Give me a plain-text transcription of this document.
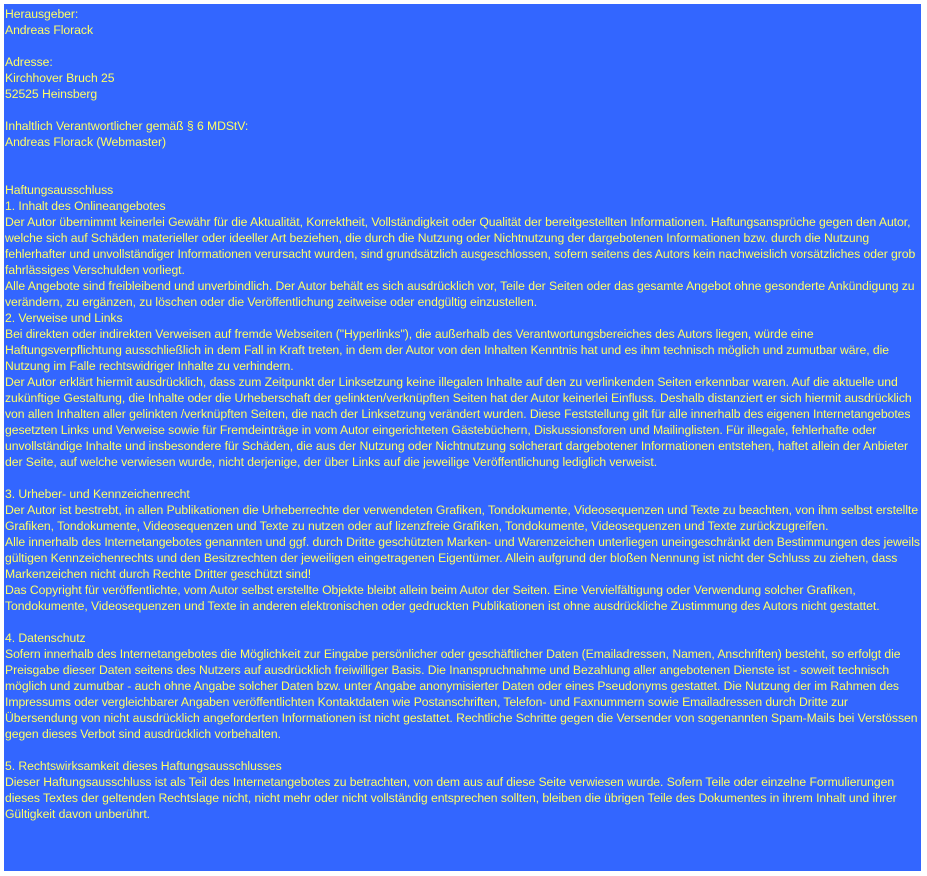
Herausgeber:
Andreas Florack
Adresse:
Kirchhover Bruch 25
52525 Heinsberg
Inhaltlich Verantwortlicher gemäß § 6 MDStV:
Andreas Florack (Webmaster)
Haftungsausschluss
1. Inhalt des Onlineangebotes

Der Autor übernimmt keinerlei Gewähr für die Aktualität, Korrektheit, Vollständigkeit oder Qualität der bereitgestellten Informationen. Haftungsansprüche gegen den Autor, welche sich auf Schäden materieller oder ideeller Art beziehen, die durch die Nutzung oder Nichtnutzung der dargebotenen Informationen bzw. durch die Nutzung fehlerhafter und unvollständiger Informationen verursacht wurden, sind grundsätzlich ausgeschlossen, sofern seitens des Autors kein nachweislich vorsätzliches oder grob fahrlässiges Verschulden vorliegt.

Alle Angebote sind freibleibend und unverbindlich. Der Autor behält es sich ausdrücklich vor, Teile der Seiten oder das gesamte Angebot ohne gesonderte Ankündigung zu verändern, zu ergänzen, zu löschen oder die Veröffentlichung zeitweise oder endgültig einzustellen.

2. Verweise und Links

Bei direkten oder indirekten Verweisen auf fremde Webseiten ("Hyperlinks"), die außerhalb des Verantwortungsbereiches des Autors liegen, würde eine Haftungsverpflichtung ausschließlich in dem Fall in Kraft treten, in dem der Autor von den Inhalten Kenntnis hat und es ihm technisch möglich und zumutbar wäre, die Nutzung im Falle rechtswidriger Inhalte zu verhindern.

Der Autor erklärt hiermit ausdrücklich, dass zum Zeitpunkt der Linksetzung keine illegalen Inhalte auf den zu verlinkenden Seiten erkennbar waren. Auf die aktuelle und zukünftige Gestaltung, die Inhalte oder die Urheberschaft der gelinkten/verknüpften Seiten hat der Autor keinerlei Einfluss. Deshalb distanziert er sich hiermit ausdrücklich von allen Inhalten aller gelinkten /verknüpften Seiten, die nach der Linksetzung verändert wurden. Diese Feststellung gilt für alle innerhalb des eigenen Internetangebotes gesetzten Links und Verweise sowie für Fremdeinträge in vom Autor eingerichteten Gästebüchern, Diskussionsforen und Mailinglisten. Für illegale, fehlerhafte oder unvollständige Inhalte und insbesondere für Schäden, die aus der Nutzung oder Nichtnutzung solcherart dargebotener Informationen entstehen, haftet allein der Anbieter der Seite, auf welche verwiesen wurde, nicht derjenige, der über Links auf die jeweilige Veröffentlichung lediglich verweist.

3. Urheber- und Kennzeichenrecht

Der Autor ist bestrebt, in allen Publikationen die Urheberrechte der verwendeten Grafiken, Tondokumente, Videosequenzen und Texte zu beachten, von ihm selbst erstellte Grafiken, Tondokumente, Videosequenzen und Texte zu nutzen oder auf lizenzfreie Grafiken, Tondokumente, Videosequenzen und Texte zurückzugreifen.

Alle innerhalb des Internetangebotes genannten und ggf. durch Dritte geschützten Marken- und Warenzeichen unterliegen uneingeschränkt den Bestimmungen des jeweils gültigen Kennzeichenrechts und den Besitzrechten der jeweiligen eingetragenen Eigentümer. Allein aufgrund der bloßen Nennung ist nicht der Schluss zu ziehen, dass Markenzeichen nicht durch Rechte Dritter geschützt sind!

Das Copyright für veröffentlichte, vom Autor selbst erstellte Objekte bleibt allein beim Autor der Seiten. Eine Vervielfältigung oder Verwendung solcher Grafiken, Tondokumente, Videosequenzen und Texte in anderen elektronischen oder gedruckten Publikationen ist ohne ausdrückliche Zustimmung des Autors nicht gestattet.

4. Datenschutz

Sofern innerhalb des Internetangebotes die Möglichkeit zur Eingabe persönlicher oder geschäftlicher Daten (Emailadressen, Namen, Anschriften) besteht, so erfolgt die Preisgabe dieser Daten seitens des Nutzers auf ausdrücklich freiwilliger Basis. Die Inanspruchnahme und Bezahlung aller angebotenen Dienste ist - soweit technisch möglich und zumutbar - auch ohne Angabe solcher Daten bzw. unter Angabe anonymisierter Daten oder eines Pseudonyms gestattet. Die Nutzung der im Rahmen des Impressums oder vergleichbarer Angaben veröffentlichten Kontaktdaten wie Postanschriften, Telefon- und Faxnummern sowie Emailadressen durch Dritte zur Übersendung von nicht ausdrücklich angeforderten Informationen ist nicht gestattet. Rechtliche Schritte gegen die Versender von sogenannten Spam-Mails bei Verstössen gegen dieses Verbot sind ausdrücklich vorbehalten.

5. Rechtswirksamkeit dieses Haftungsausschlusses

Dieser Haftungsausschluss ist als Teil des Internetangebotes zu betrachten, von dem aus auf diese Seite verwiesen wurde. Sofern Teile oder einzelne Formulierungen dieses Textes der geltenden Rechtslage nicht, nicht mehr oder nicht vollständig entsprechen sollten, bleiben die übrigen Teile des Dokumentes in ihrem Inhalt und ihrer Gültigkeit davon unberührt.
